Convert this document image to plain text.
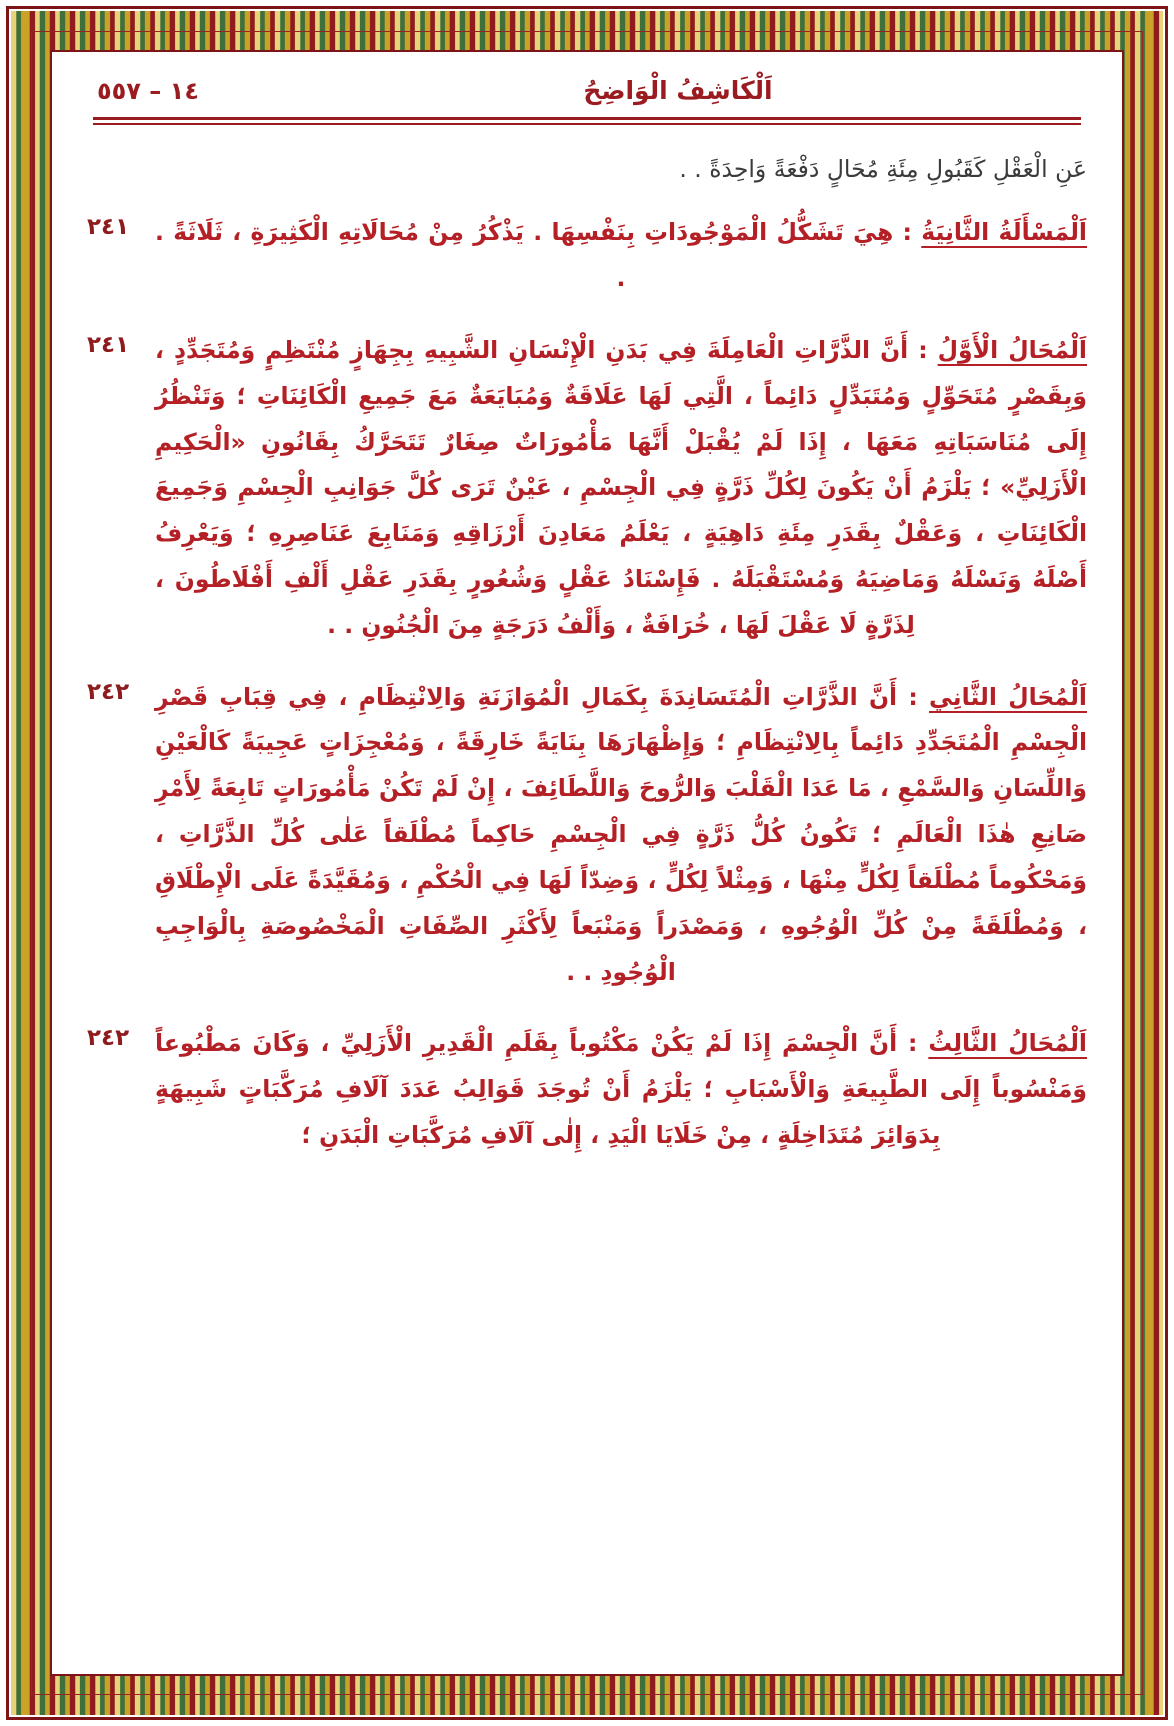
١٤ – ٥٥٧	اَلْكَاشِفُ الْوَاضِحُ
عَنِ الْعَقْلِ كَقَبُولِ مِئَةِ مُحَالٍ دَفْعَةً وَاحِدَةً . .
٢٤١	اَلْمَسْأَلَةُ الثَّانِيَةُ : هِيَ تَشَكُّلُ الْمَوْجُودَاتِ بِنَفْسِهَا . يَذْكُرُ مِنْ مُحَالَاتِهِ الْكَثِيرَةِ ، ثَلَاثَةً . .
٢٤١	اَلْمُحَالُ الْأَوَّلُ : أَنَّ الذَّرَّاتِ الْعَامِلَةَ فِي بَدَنِ الْإِنْسَانِ الشَّبِيهِ بِجِهَازٍ مُنْتَظِمٍ وَمُتَجَدِّدٍ ، وَبِقَصْرٍ مُتَحَوِّلٍ وَمُتَبَدِّلٍ دَائِماً ، الَّتِي لَهَا عَلَاقَةٌ وَمُبَايَعَةٌ مَعَ جَمِيعِ الْكَائِنَاتِ ؛ وَتَنْظُرُ إِلَى مُنَاسَبَاتِهِ مَعَهَا ، إِذَا لَمْ يُقْبَلْ أَنَّهَا مَأْمُورَاتٌ صِغَارٌ تَتَحَرَّكُ بِقَانُونِ «الْحَكِيمِ الْأَزَلِيِّ» ؛ يَلْزَمُ أَنْ يَكُونَ لِكُلِّ ذَرَّةٍ فِي الْجِسْمِ ، عَيْنٌ تَرَى كُلَّ جَوَانِبِ الْجِسْمِ وَجَمِيعَ الْكَائِنَاتِ ، وَعَقْلٌ بِقَدَرِ مِئَةِ دَاهِيَةٍ ، يَعْلَمُ مَعَادِنَ أَرْزَاقِهِ وَمَنَابِعَ عَنَاصِرِهِ ؛ وَيَعْرِفُ أَصْلَهُ وَنَسْلَهُ وَمَاضِيَهُ وَمُسْتَقْبَلَهُ . فَإِسْنَادُ عَقْلٍ وَشُعُورٍ بِقَدَرِ عَقْلِ أَلْفِ أَفْلَاطُونَ ، لِذَرَّةٍ لَا عَقْلَ لَهَا ، خُرَافَةٌ ، وَأَلْفُ دَرَجَةٍ مِنَ الْجُنُونِ . .
٢٤٢	اَلْمُحَالُ الثَّانِي : أَنَّ الذَّرَّاتِ الْمُتَسَانِدَةَ بِكَمَالِ الْمُوَازَنَةِ وَالِانْتِظَامِ ، فِي قِبَابِ قَصْرِ الْجِسْمِ الْمُتَجَدِّدِ دَائِماً بِالِانْتِظَامِ ؛ وَإِظْهَارَهَا بِنَايَةً خَارِقَةً ، وَمُعْجِزَاتٍ عَجِيبَةً كَالْعَيْنِ وَاللِّسَانِ وَالسَّمْعِ ، مَا عَدَا الْقَلْبَ وَالرُّوحَ وَاللَّطَائِفَ ، إِنْ لَمْ تَكُنْ مَأْمُورَاتٍ تَابِعَةً لِأَمْرِ صَانِعِ هٰذَا الْعَالَمِ ؛ تَكُونُ كُلُّ ذَرَّةٍ فِي الْجِسْمِ حَاكِماً مُطْلَقاً عَلٰى كُلِّ الذَّرَّاتِ ، وَمَحْكُوماً مُطْلَقاً لِكُلٍّ مِنْهَا ، وَمِثْلاً لِكُلٍّ ، وَضِدّاً لَهَا فِي الْحُكْمِ ، وَمُقَيَّدَةً عَلَى الْإِطْلَاقِ ، وَمُطْلَقَةً مِنْ كُلِّ الْوُجُوهِ ، وَمَصْدَراً وَمَنْبَعاً لِأَكْثَرِ الصِّفَاتِ الْمَخْصُوصَةِ بِالْوَاجِبِ الْوُجُودِ . .
٢٤٢	اَلْمُحَالُ الثَّالِثُ : أَنَّ الْجِسْمَ إِذَا لَمْ يَكُنْ مَكْتُوباً بِقَلَمِ الْقَدِيرِ الْأَزَلِيِّ ، وَكَانَ مَطْبُوعاً وَمَنْسُوباً إِلَى الطَّبِيعَةِ وَالْأَسْبَابِ ؛ يَلْزَمُ أَنْ تُوجَدَ قَوَالِبُ عَدَدَ آلَافِ مُرَكَّبَاتٍ شَبِيهَةٍ بِدَوَائِرَ مُتَدَاخِلَةٍ ، مِنْ خَلَايَا الْيَدِ ، إِلٰى آلَافِ مُرَكَّبَاتِ الْبَدَنِ ؛
